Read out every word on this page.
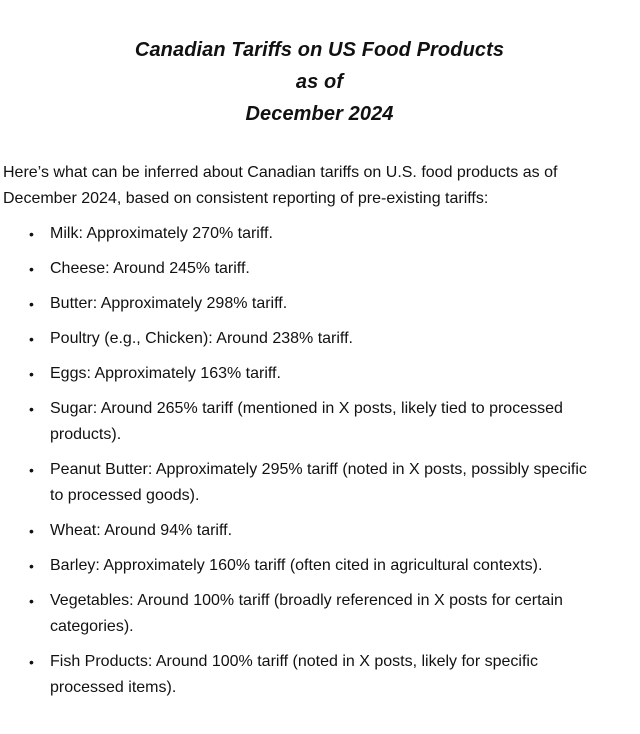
Canadian Tariffs on US Food Products
as of
December 2024

Here’s what can be inferred about Canadian tariffs on U.S. food products as of
December 2024, based on consistent reporting of pre-existing tariffs:

•	Milk: Approximately 270% tariff.
•	Cheese: Around 245% tariff.
•	Butter: Approximately 298% tariff.
•	Poultry (e.g., Chicken): Around 238% tariff.
•	Eggs: Approximately 163% tariff.
•	Sugar: Around 265% tariff (mentioned in X posts, likely tied to processed
products).
•	Peanut Butter: Approximately 295% tariff (noted in X posts, possibly specific
to processed goods).
•	Wheat: Around 94% tariff.
•	Barley: Approximately 160% tariff (often cited in agricultural contexts).
•	Vegetables: Around 100% tariff (broadly referenced in X posts for certain
categories).
•	Fish Products: Around 100% tariff (noted in X posts, likely for specific
processed items).
